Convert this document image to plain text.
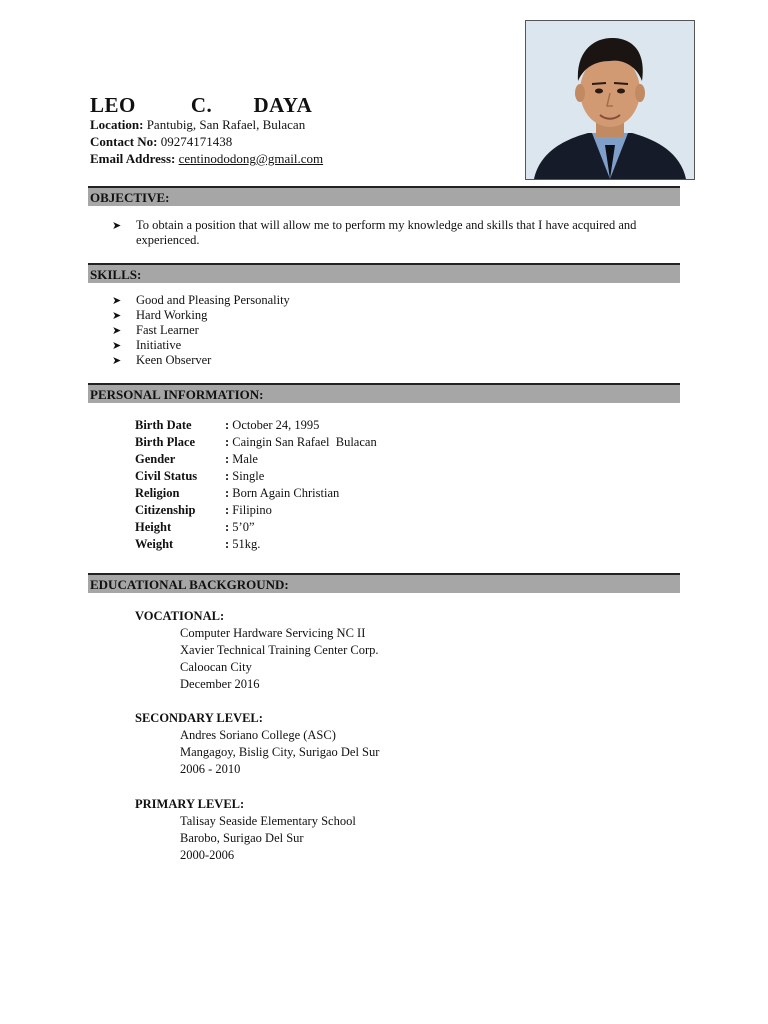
LEO    C.   DAYA
Location: Pantubig, San Rafael, Bulacan
Contact No: 09274171438
Email Address: centinododong@gmail.com
OBJECTIVE:
➤ To obtain a position that will allow me to perform my knowledge and skills that I have acquired and experienced.
SKILLS:
➤ Good and Pleasing Personality
➤ Hard Working
➤ Fast Learner
➤ Initiative
➤ Keen Observer
PERSONAL INFORMATION:
Birth Date	: October 24, 1995
Birth Place : Caingin San Rafael  Bulacan
Gender	: Male
Civil Status : Single
Religion	: Born Again Christian
Citizenship : Filipino
Height	: 5’0”
Weight	: 51kg.
EDUCATIONAL BACKGROUND:
VOCATIONAL:
Computer Hardware Servicing NC II
Xavier Technical Training Center Corp.
Caloocan City
December 2016
SECONDARY LEVEL:
Andres Soriano College (ASC)
Mangagoy, Bislig City, Surigao Del Sur
2006 - 2010
PRIMARY LEVEL:
Talisay Seaside Elementary School
Barobo, Surigao Del Sur
2000-2006
